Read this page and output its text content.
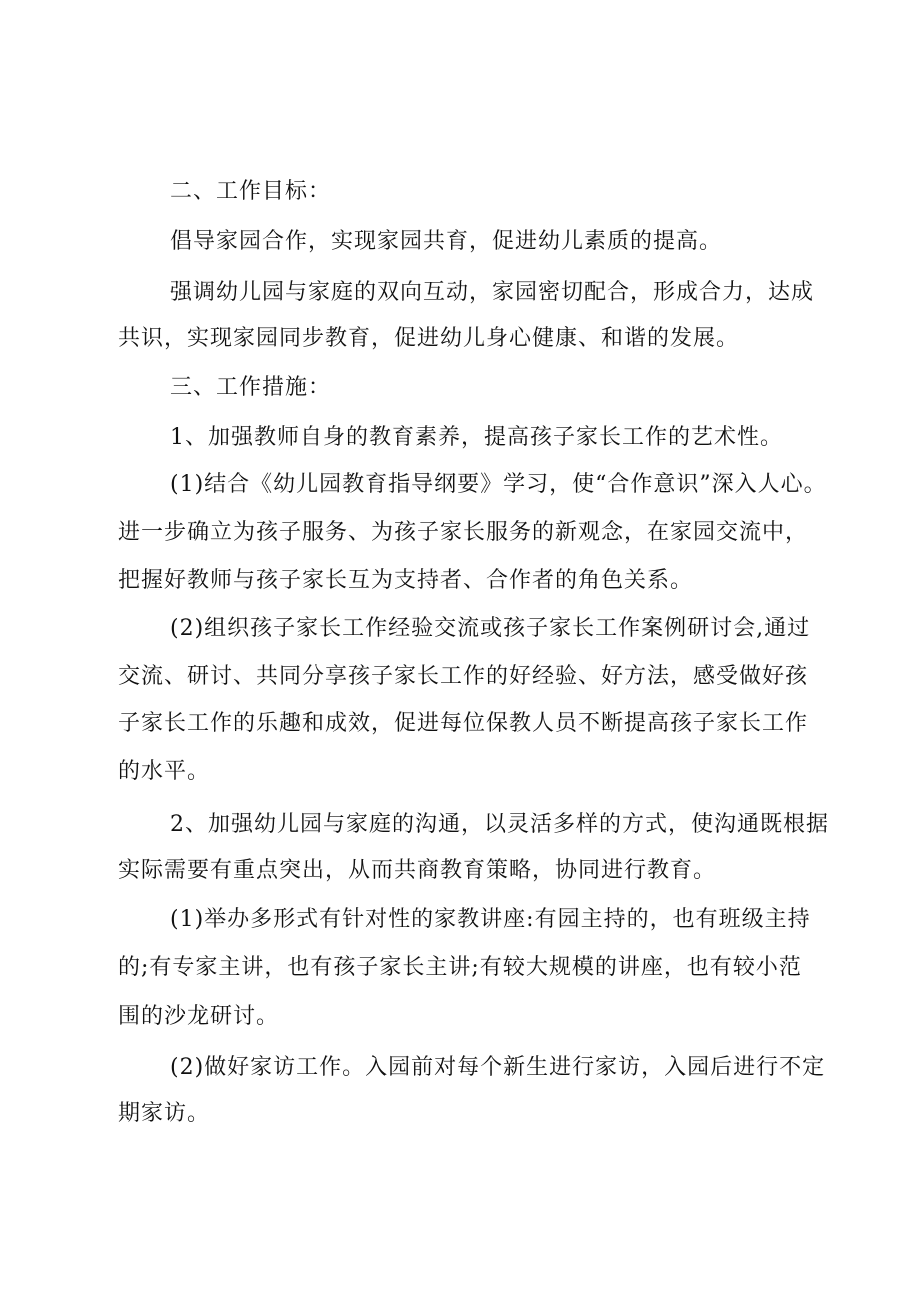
二、工作目标：
倡导家园合作，实现家园共育，促进幼儿素质的提高。
强调幼儿园与家庭的双向互动，家园密切配合，形成合力，达成
共识，实现家园同步教育，促进幼儿身心健康、和谐的发展。
三、工作措施：
1、加强教师自身的教育素养，提高孩子家长工作的艺术性。
(1)结合《幼儿园教育指导纲要》学习，使“合作意识”深入人心。
进一步确立为孩子服务、为孩子家长服务的新观念，在家园交流中，
把握好教师与孩子家长互为支持者、合作者的角色关系。
(2)组织孩子家长工作经验交流或孩子家长工作案例研讨会,通过
交流、研讨、共同分享孩子家长工作的好经验、好方法，感受做好孩
子家长工作的乐趣和成效，促进每位保教人员不断提高孩子家长工作
的水平。
2、加强幼儿园与家庭的沟通，以灵活多样的方式，使沟通既根据
实际需要有重点突出，从而共商教育策略，协同进行教育。
(1)举办多形式有针对性的家教讲座:有园主持的，也有班级主持
的;有专家主讲，也有孩子家长主讲;有较大规模的讲座，也有较小范
围的沙龙研讨。
(2)做好家访工作。入园前对每个新生进行家访，入园后进行不定
期家访。
